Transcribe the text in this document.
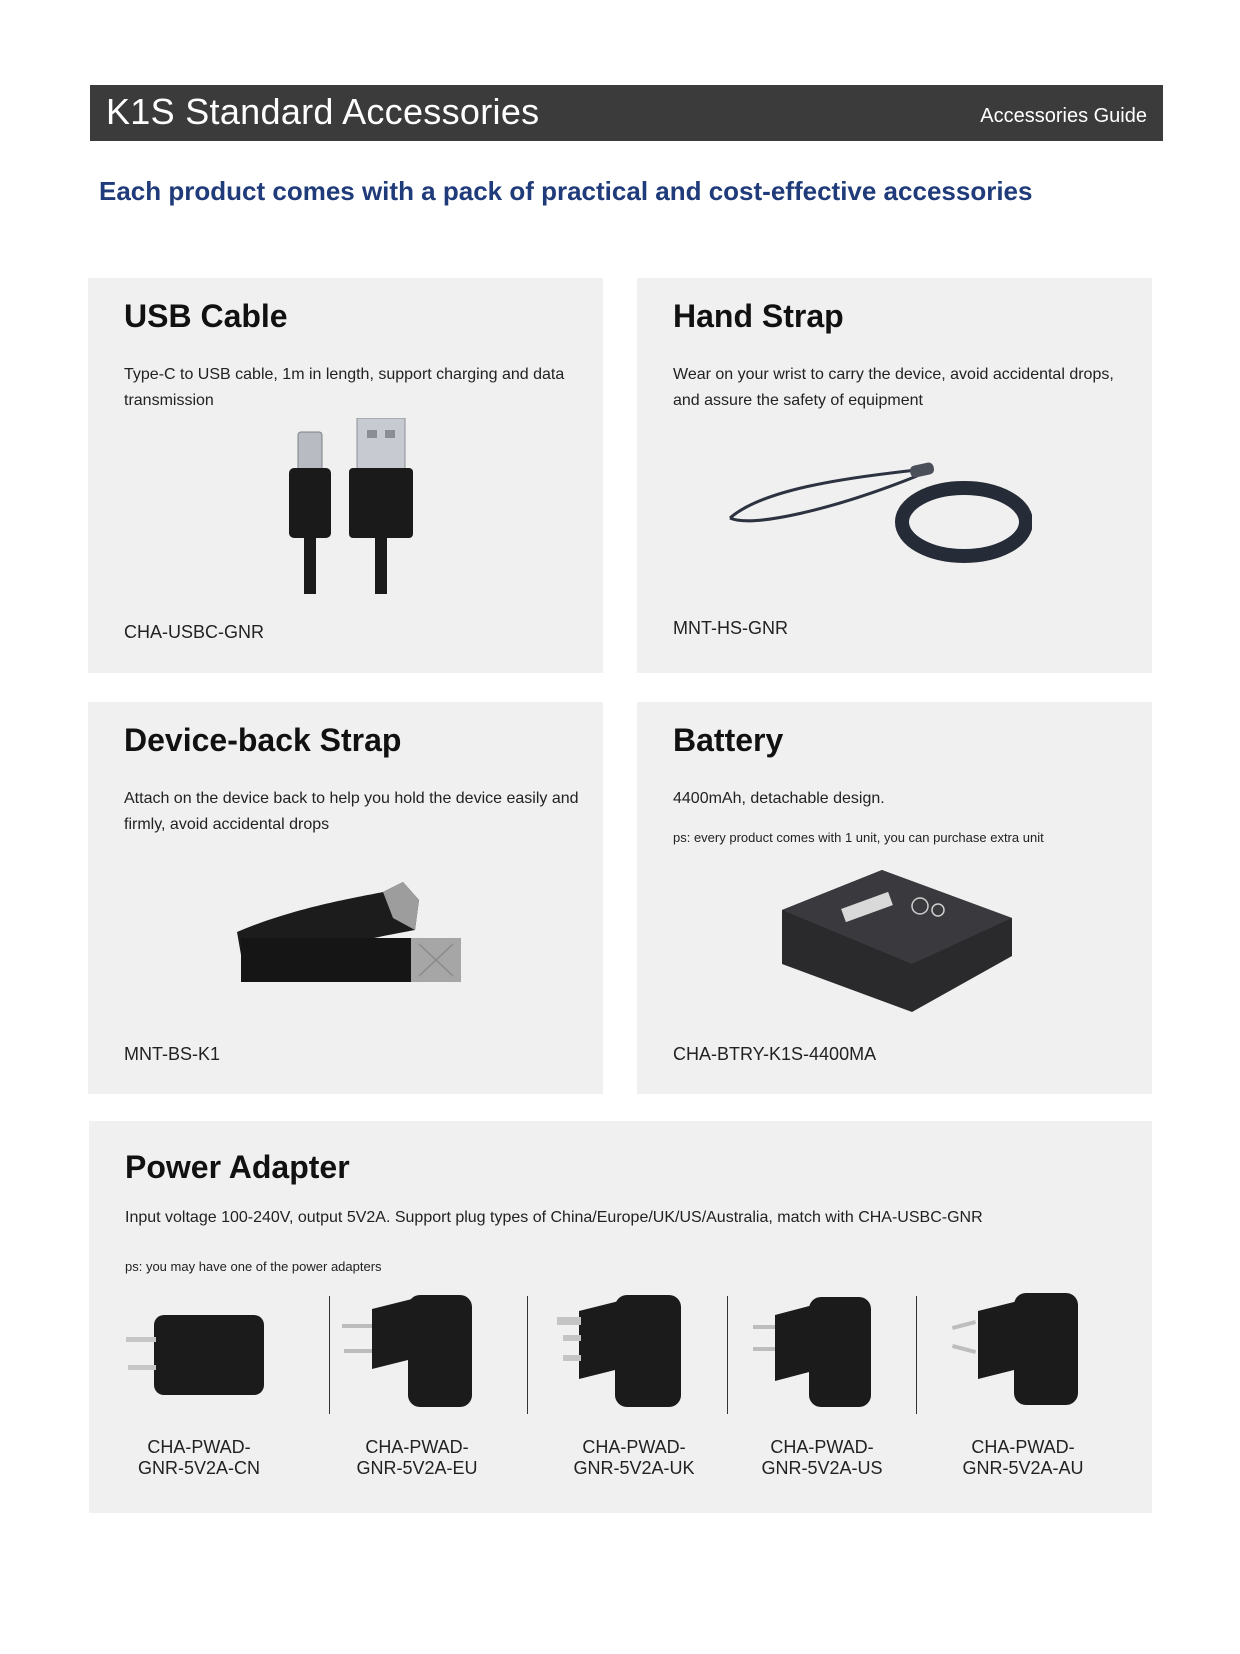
K1S Standard Accessories	Accessories Guide
Each product comes with a pack of practical and cost-effective accessories
USB Cable
Type-C to USB cable, 1m in length, support charging and data transmission
CHA-USBC-GNR
Hand Strap
Wear on your wrist to carry the device, avoid accidental drops, and assure the safety of equipment
MNT-HS-GNR
Device-back Strap
Attach on the device back to help you hold the device easily and firmly, avoid accidental drops
MNT-BS-K1
Battery
4400mAh, detachable design.
ps: every product comes with 1 unit, you can purchase extra unit
CHA-BTRY-K1S-4400MA
Power Adapter
Input voltage 100-240V, output 5V2A. Support plug types of China/Europe/UK/US/Australia, match with CHA-USBC-GNR
ps: you may have one of the power adapters
CHA-PWAD-
GNR-5V2A-CN
CHA-PWAD-
GNR-5V2A-EU
CHA-PWAD-
GNR-5V2A-UK
CHA-PWAD-
GNR-5V2A-US
CHA-PWAD-
GNR-5V2A-AU
